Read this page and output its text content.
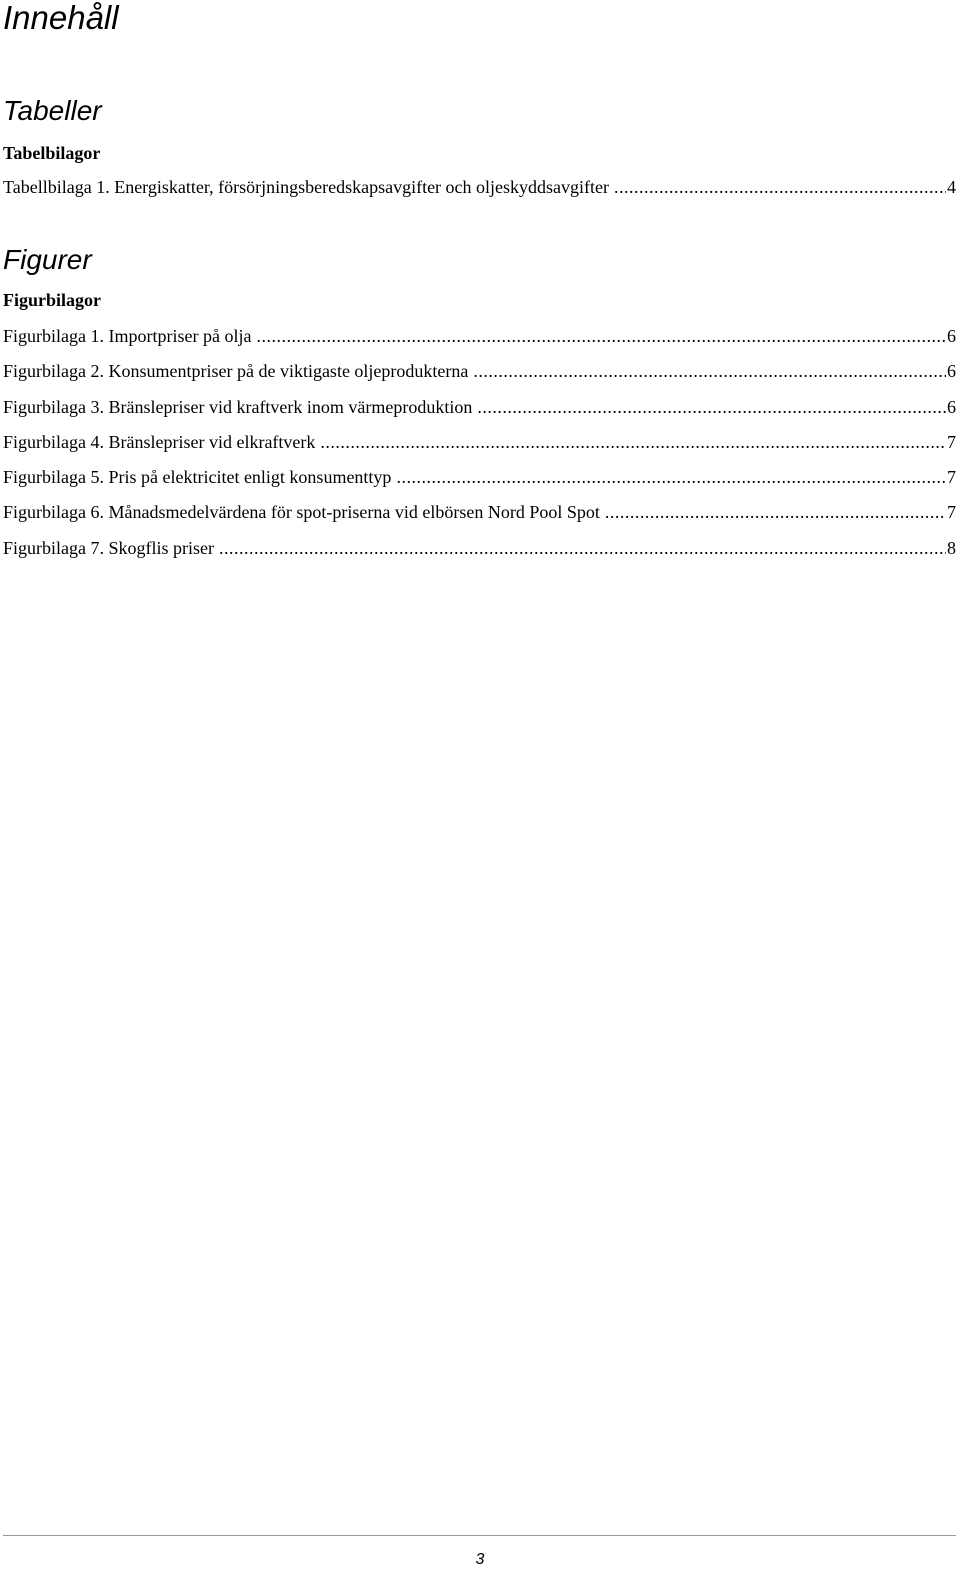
Innehåll
Tabeller
Tabelbilagor
Tabellbilaga 1. Energiskatter, försörjningsberedskapsavgifter och oljeskyddsavgifter .....	4
Figurer
Figurbilagor
Figurbilaga 1. Importpriser på olja .....	6
Figurbilaga 2. Konsumentpriser på de viktigaste oljeprodukterna .....	6
Figurbilaga 3. Bränslepriser vid kraftverk inom värmeproduktion .....	6
Figurbilaga 4. Bränslepriser vid elkraftverk .....	7
Figurbilaga 5. Pris på elektricitet enligt konsumenttyp .....	7
Figurbilaga 6. Månadsmedelvärdena för spot-priserna vid elbörsen Nord Pool Spot .....	7
Figurbilaga 7. Skogflis priser .....	8
3
